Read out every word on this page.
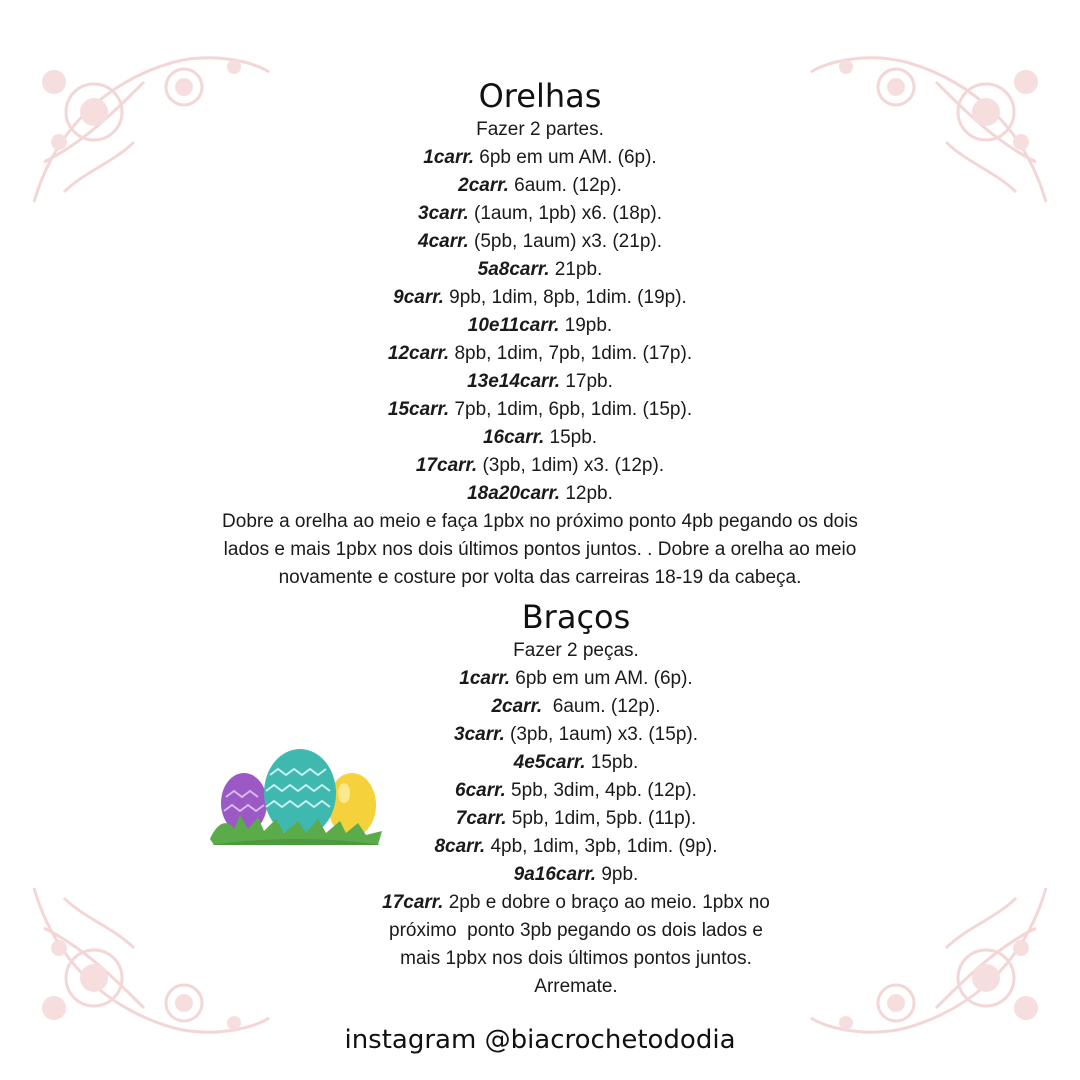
Orelhas
Fazer 2 partes.
1carr. 6pb em um AM. (6p).
2carr. 6aum. (12p).
3carr. (1aum, 1pb) x6. (18p).
4carr. (5pb, 1aum) x3. (21p).
5a8carr. 21pb.
9carr. 9pb, 1dim, 8pb, 1dim. (19p).
10e11carr. 19pb.
12carr. 8pb, 1dim, 7pb, 1dim. (17p).
13e14carr. 17pb.
15carr. 7pb, 1dim, 6pb, 1dim. (15p).
16carr. 15pb.
17carr. (3pb, 1dim) x3. (12p).
18a20carr. 12pb.
Dobre a orelha ao meio e faça 1pbx no próximo ponto 4pb pegando os dois
lados e mais 1pbx nos dois últimos pontos juntos. . Dobre a orelha ao meio
novamente e costure por volta das carreiras 18-19 da cabeça.
Braços
Fazer 2 peças.
1carr. 6pb em um AM. (6p).
2carr.  6aum. (12p).
3carr. (3pb, 1aum) x3. (15p).
4e5carr. 15pb.
6carr. 5pb, 3dim, 4pb. (12p).
7carr. 5pb, 1dim, 5pb. (11p).
8carr. 4pb, 1dim, 3pb, 1dim. (9p).
9a16carr. 9pb.
17carr. 2pb e dobre o braço ao meio. 1pbx no
próximo  ponto 3pb pegando os dois lados e
mais 1pbx nos dois últimos pontos juntos.
Arremate.
instagram @biacrochetododia
